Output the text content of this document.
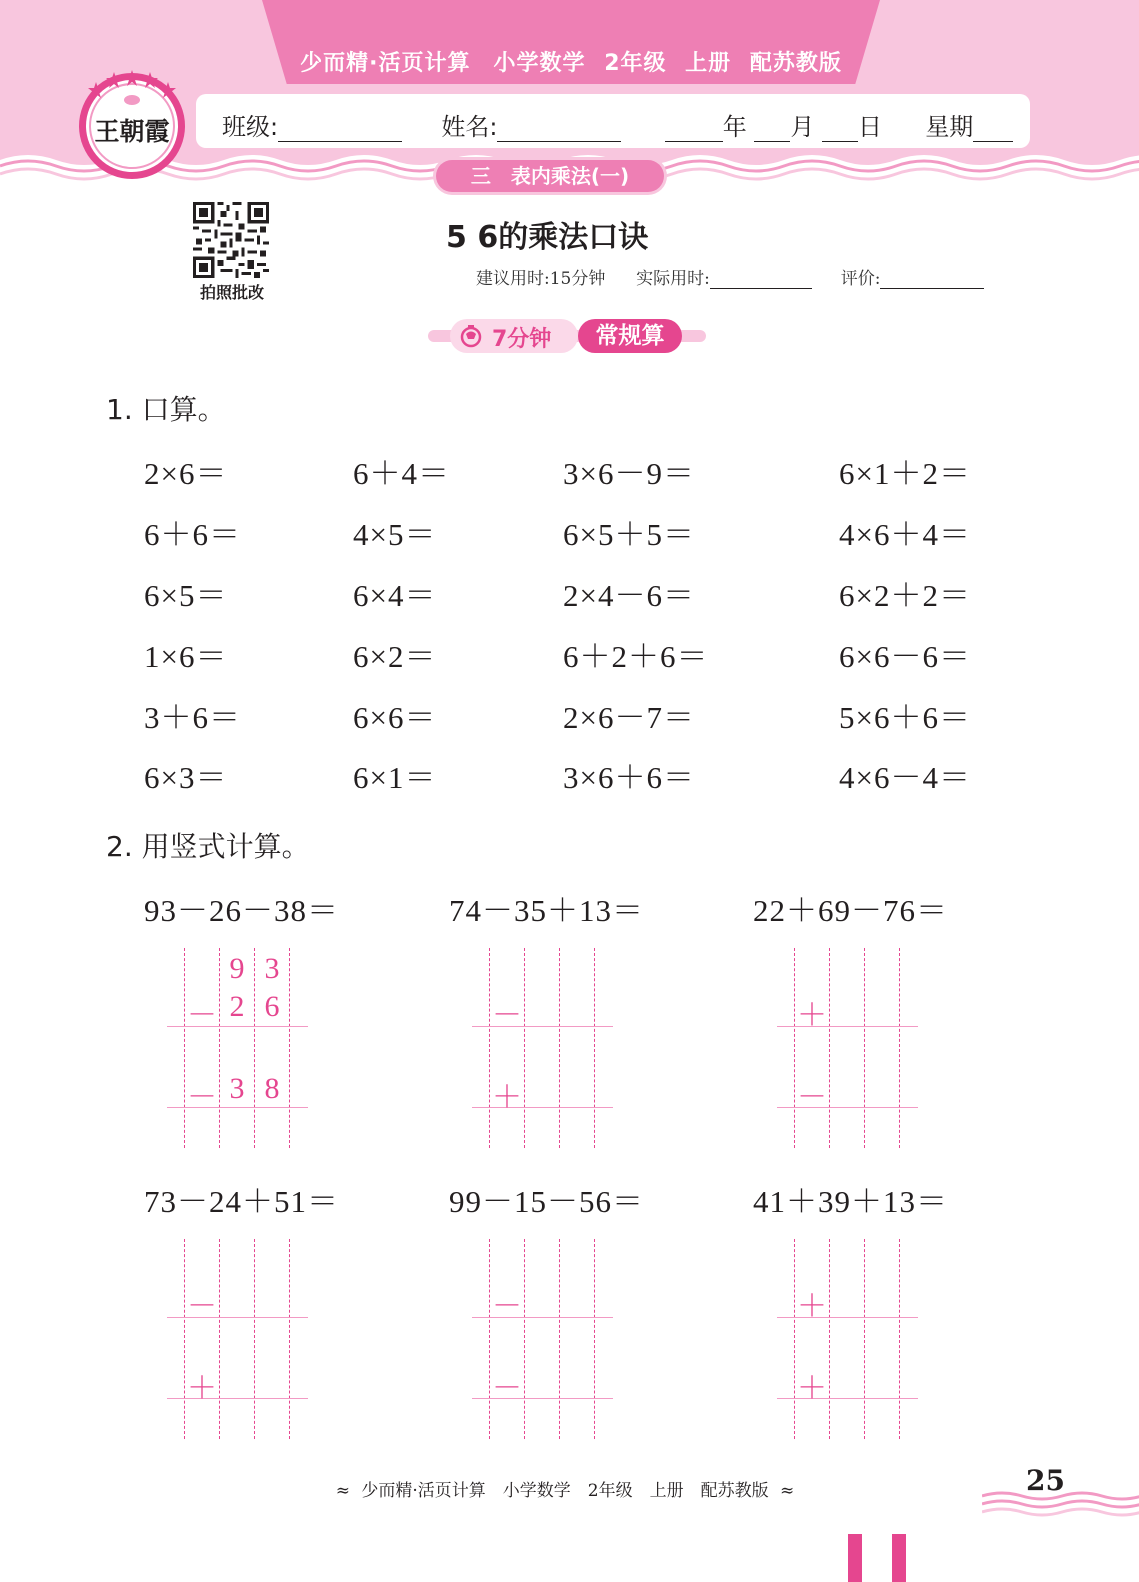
少而精·活页计算　小学数学 2年级 上册 配苏教版
班级:	姓名:	年 月 日 星期
王朝霞
三　表内乘法(一)
拍照批改
5 6的乘法口诀
建议用时:15分钟 实际用时:	评价:
7分钟	常规算
1. 口算。
2×6＝	6＋4＝	3×6－9＝	6×1＋2＝
6＋6＝	4×5＝	6×5＋5＝	4×6＋4＝
6×5＝	6×4＝	2×4－6＝	6×2＋2＝
1×6＝	6×2＝	6＋2＋6＝	6×6－6＝
3＋6＝	6×6＝	2×6－7＝	5×6＋6＝
6×3＝	6×1＝	3×6＋6＝	4×6－4＝
2. 用竖式计算。
93－26－38＝	74－35＋13＝	22＋69－76＝
73－24＋51＝	99－15－56＝	41＋39＋13＝
9 3
－ 2 6
－ 3 8
－
＋
＋
－
－
＋
－
－
＋
＋
≈ 少而精·活页计算　小学数学　2年级　上册　配苏教版 ≈	25
